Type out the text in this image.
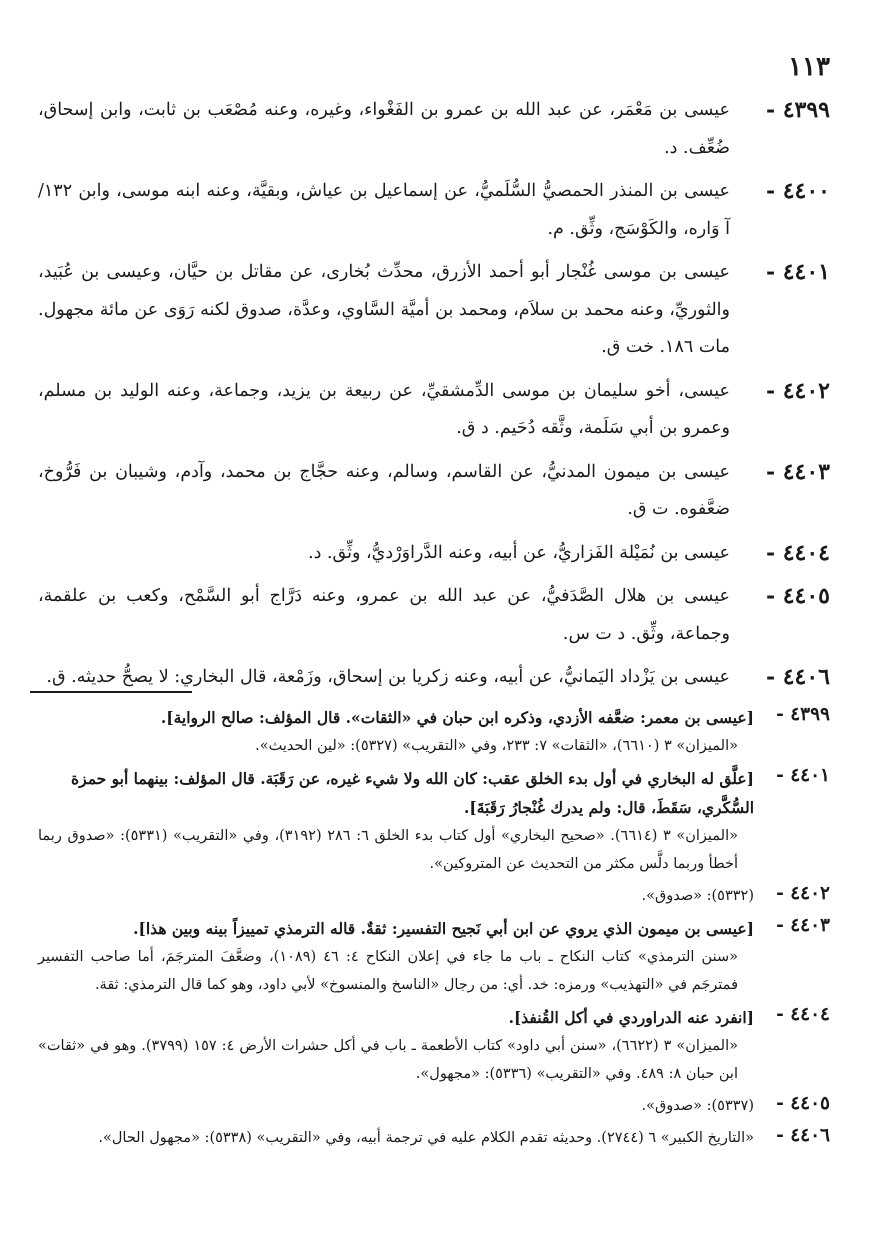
١١٣
٤٣٩٩ -
عيسى بن مَعْمَر، عن عبد الله بن عمرو بن الفَغْواء، وغيره، وعنه مُصْعَب بن ثابت، وابن إسحاق، ضُعِّف. د.
٤٤٠٠ -
عيسى بن المنذر الحمصيُّ السُّلَميُّ، عن إسماعيل بن عياش، وبقيَّة، وعنه ابنه موسى، وابن ١٣٢/ آ وَاره، والكَوْسَج، وثِّق. م.
٤٤٠١ -
عيسى بن موسى غُنْجار أبو أحمد الأزرق، محدِّث بُخارى، عن مقاتل بن حيَّان، وعيسى بن عُبَيد، والثوريِّ، وعنه محمد بن سلاَم، ومحمد بن أميَّة السَّاوي، وعدَّة، صدوق لكنه رَوَى عن مائة مجهول. مات ١٨٦. خت ق.
٤٤٠٢ -
عيسى، أخو سليمان بن موسى الدِّمشقيِّ، عن ربيعة بن يزيد، وجماعة، وعنه الوليد بن مسلم، وعمرو بن أبي سَلَمة، وثَّقه دُحَيم. د ق.
٤٤٠٣ -
عيسى بن ميمون المدنيُّ، عن القاسم، وسالم، وعنه حجَّاج بن محمد، وآدم، وشيبان بن فَرُّوخ، ضعَّفوه. ت ق.
٤٤٠٤ -
عيسى بن نُمَيْلة الفَزاريُّ، عن أبيه، وعنه الدَّراوَرْديُّ، وثِّق. د.
٤٤٠٥ -
عيسى بن هلال الصَّدَفيُّ، عن عبد الله بن عمرو، وعنه دَرَّاج أبو السَّمْح، وكعب بن علقمة، وجماعة، وثِّق. د ت س.
٤٤٠٦ -
عيسى بن يَزْداد اليَمانيُّ، عن أبيه، وعنه زكريا بن إسحاق، وزَمْعة، قال البخاري: لا يصحُّ حديثه. ق.
٤٣٩٩ -
[عيسى بن معمر: ضعَّفه الأزدي، وذكره ابن حبان في «الثقات». قال المؤلف: صالح الرواية].
«الميزان» ٣ (٦٦١٠)، «الثقات» ٧: ٢٣٣، وفي «التقريب» (٥٣٢٧): «لين الحديث».
٤٤٠١ -
[علَّق له البخاري في أول بدء الخلق عقب: كان الله ولا شيء غيره، عن رَقَبَة. قال المؤلف: بينهما أبو حمزة السُّكَّري، سَقَطَ، قال: ولم يدرك غُنْجارُ رَقَبَةَ].
«الميزان» ٣ (٦٦١٤). «صحيح البخاري» أول كتاب بدء الخلق ٦: ٢٨٦ (٣١٩٢)، وفي «التقريب» (٥٣٣١): «صدوق ربما أخطأ وربما دلَّس مكثر من التحديث عن المتروكين».
٤٤٠٢ -
(٥٣٣٢): «صدوق».
٤٤٠٣ -
[عيسى بن ميمون الذي يروي عن ابن أبي نَجيح التفسير: ثقةٌ. قاله الترمذي تمييزاً بينه وبين هذا].
«سنن الترمذي» كتاب النكاح ـ باب ما جاء في إعلان النكاح ٤: ٤٦ (١٠٨٩)، وضعَّفَ المترجَمَ، أما صاحب التفسير فمترجَم في «التهذيب» ورمزه: خد. أي: من رجال «الناسخ والمنسوخ» لأبي داود، وهو كما قال الترمذي: ثقة.
٤٤٠٤ -
[انفرد عنه الدراوردي في أكل القُنفذ].
«الميزان» ٣ (٦٦٢٢)، «سنن أبي داود» كتاب الأطعمة ـ باب في أكل حشرات الأرض ٤: ١٥٧ (٣٧٩٩). وهو في «ثقات» ابن حبان ٨: ٤٨٩. وفي «التقريب» (٥٣٣٦): «مجهول».
٤٤٠٥ -
(٥٣٣٧): «صدوق».
٤٤٠٦ -
«التاريخ الكبير» ٦ (٢٧٤٤). وحديثه تقدم الكلام عليه في ترجمة أبيه، وفي «التقريب» (٥٣٣٨): «مجهول الحال».
